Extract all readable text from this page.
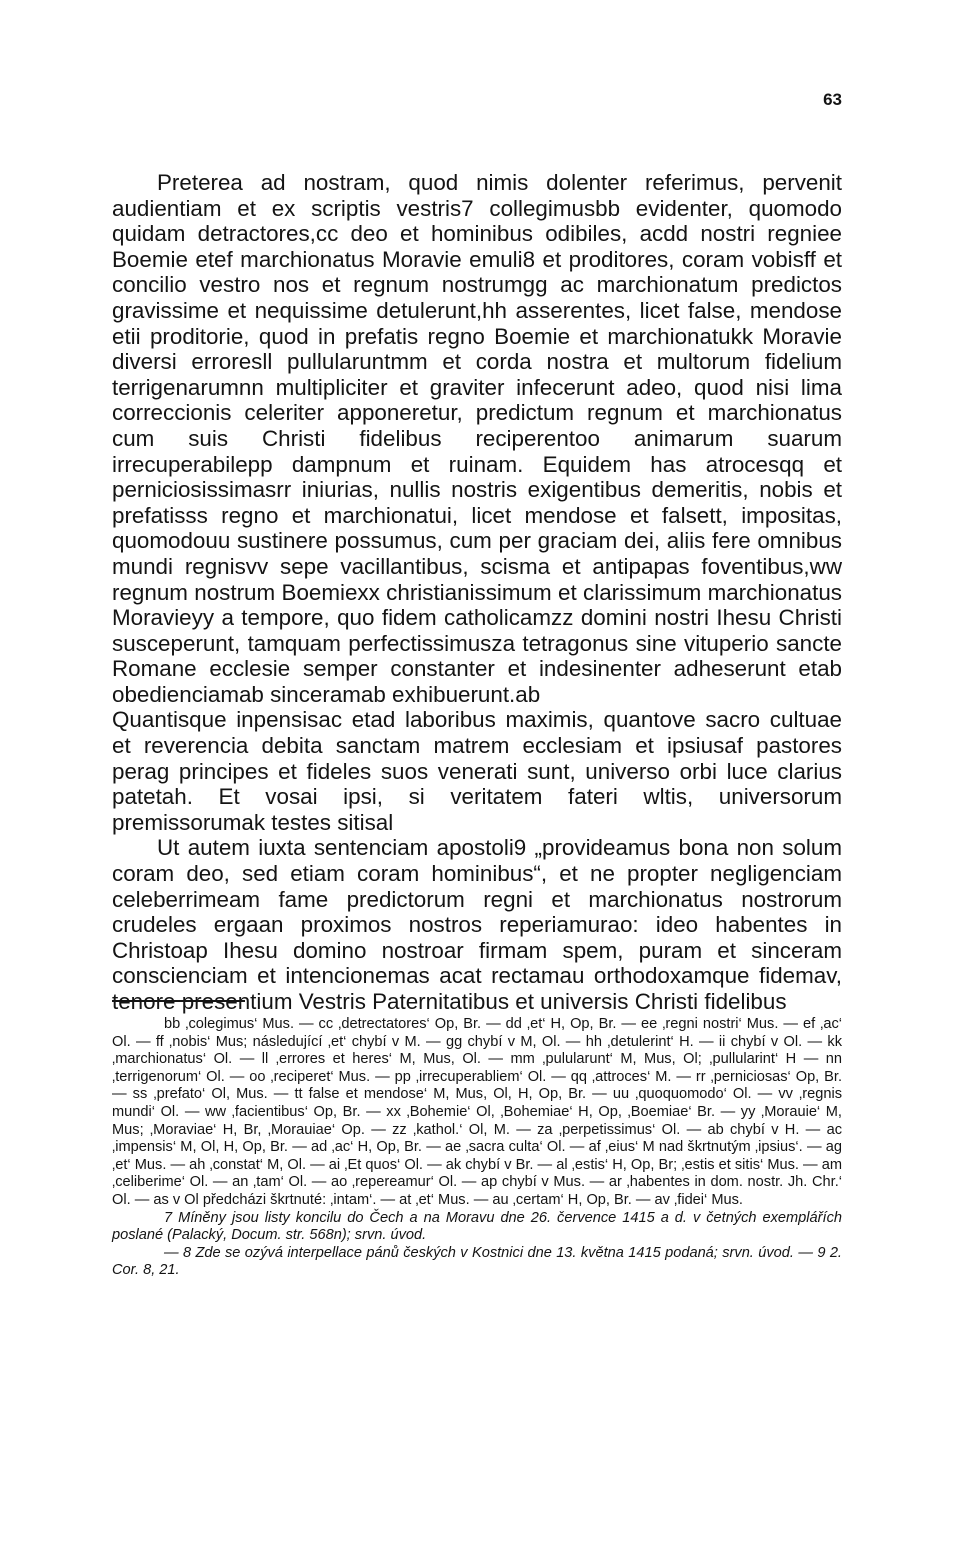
63

Preterea ad nostram, quod nimis dolenter referimus, pervenit audientiam et ex scriptis vestris7 collegimusbb evidenter, quomodo quidam detractores,cc deo et hominibus odibiles, acdd nostri regniee Boemie etef marchionatus Moravie emuli8 et proditores, coram vobisff et concilio vestro nos et regnum nostrumgg ac marchionatum predictos gravissime et nequissime detulerunt,hh asserentes, licet false, mendose etii proditorie, quod in prefatis regno Boemie et marchionatukk Moravie diversi erroresll pullularuntmm et corda nostra et multorum fidelium terrigenarumnn multipliciter et graviter infecerunt adeo, quod nisi lima correccionis celeriter apponeretur, predictum regnum et marchionatus cum suis Christi fidelibus reciperentoo animarum suarum irrecuperabilepp dampnum et ruinam. Equidem has atrocesqq et perniciosissimasrr iniurias, nullis nostris exigentibus demeritis, nobis et prefatisss regno et marchionatui, licet mendose et falsett, impositas, quomodouu sustinere possumus, cum per graciam dei, aliis fere omnibus mundi regnisvv sepe vacillantibus, scisma et antipapas foventibus,ww regnum nostrum Boemiexx christianissimum et clarissimum marchionatus Moravieyy a tempore, quo fidem catholicamzz domini nostri Ihesu Christi susceperunt, tamquam perfectissimusza tetragonus sine vituperio sancte Romane ecclesie semper constanter et indesinenter adheserunt etab obedienciamab sinceramab exhibuerunt.ab

Quantisque inpensisac etad laboribus maximis, quantove sacro cultuae et reverencia debita sanctam matrem ecclesiam et ipsiusaf pastores perag principes et fideles suos venerati sunt, universo orbi luce clarius patetah. Et vosai ipsi, si veritatem fateri wltis, universorum premissorumak testes sitisal

Ut autem iuxta sentenciam apostoli9 „provideamus bona non solum coram deo, sed etiam coram hominibus“, et ne propter negligenciam celeberrimeam fame predictorum regni et marchionatus nostrorum crudeles ergaan proximos nostros reperiamurao: ideo habentes in Christoap Ihesu domino nostroar firmam spem, puram et sinceram conscienciam et intencionemas acat rectamau orthodoxamque fidemav, tenore presentium Vestris Paternitatibus et universis Christi fidelibus

bb ‚colegimus‘ Mus. — cc ‚detrectatores‘ Op, Br. — dd ‚et‘ H, Op, Br. — ee ‚regni nostri‘ Mus. — ef ‚ac‘ Ol. — ff ‚nobis‘ Mus; následující ‚et‘ chybí v M. — gg chybí v M, Ol. — hh ‚detulerint‘ H. — ii chybí v Ol. — kk ‚marchionatus‘ Ol. — ll ‚errores et heres‘ M, Mus, Ol. — mm ‚pulularunt‘ M, Mus, Ol; ‚pullularint‘ H — nn ‚terrigenorum‘ Ol. — oo ‚reciperet‘ Mus. — pp ‚irrecuperabliem‘ Ol. — qq ‚attroces‘ M. — rr ‚perniciosas‘ Op, Br. — ss ‚prefato‘ Ol, Mus. — tt false et mendose‘ M, Mus, Ol, H, Op, Br. — uu ‚quoquomodo‘ Ol. — vv ‚regnis mundi‘ Ol. — ww ‚facientibus‘ Op, Br. — xx ‚Bohemie‘ Ol, ‚Bohemiae‘ H, Op, ‚Boemiae‘ Br. — yy ‚Morauie‘ M, Mus; ‚Moraviae‘ H, Br, ‚Morauiae‘ Op. — zz ‚kathol.‘ Ol, M. — za ‚perpetissimus‘ Ol. — ab chybí v H. — ac ‚impensis‘ M, Ol, H, Op, Br. — ad ‚ac‘ H, Op, Br. — ae ‚sacra culta‘ Ol. — af ‚eius‘ M nad škrtnutým ‚ipsius‘. — ag ‚et‘ Mus. — ah ‚constat‘ M, Ol. — ai ‚Et quos‘ Ol. — ak chybí v Br. — al ‚estis‘ H, Op, Br; ‚estis et sitis‘ Mus. — am ‚celiberime‘ Ol. — an ‚tam‘ Ol. — ao ‚repereamur‘ Ol. — ap chybí v Mus. — ar ‚habentes in dom. nostr. Jh. Chr.‘ Ol. — as v Ol předcházi škrtnuté: ‚intam‘. — at ‚et‘ Mus. — au ‚certam‘ H, Op, Br. — av ‚fidei‘ Mus.

7 Míněny jsou listy koncilu do Čech a na Moravu dne 26. července 1415 a d. v četných exemplářích poslané (Palacký, Docum. str. 568n); srvn. úvod.

— 8 Zde se ozývá interpellace pánů českých v Kostnici dne 13. května 1415 podaná; srvn. úvod. — 9 2. Cor. 8, 21.
